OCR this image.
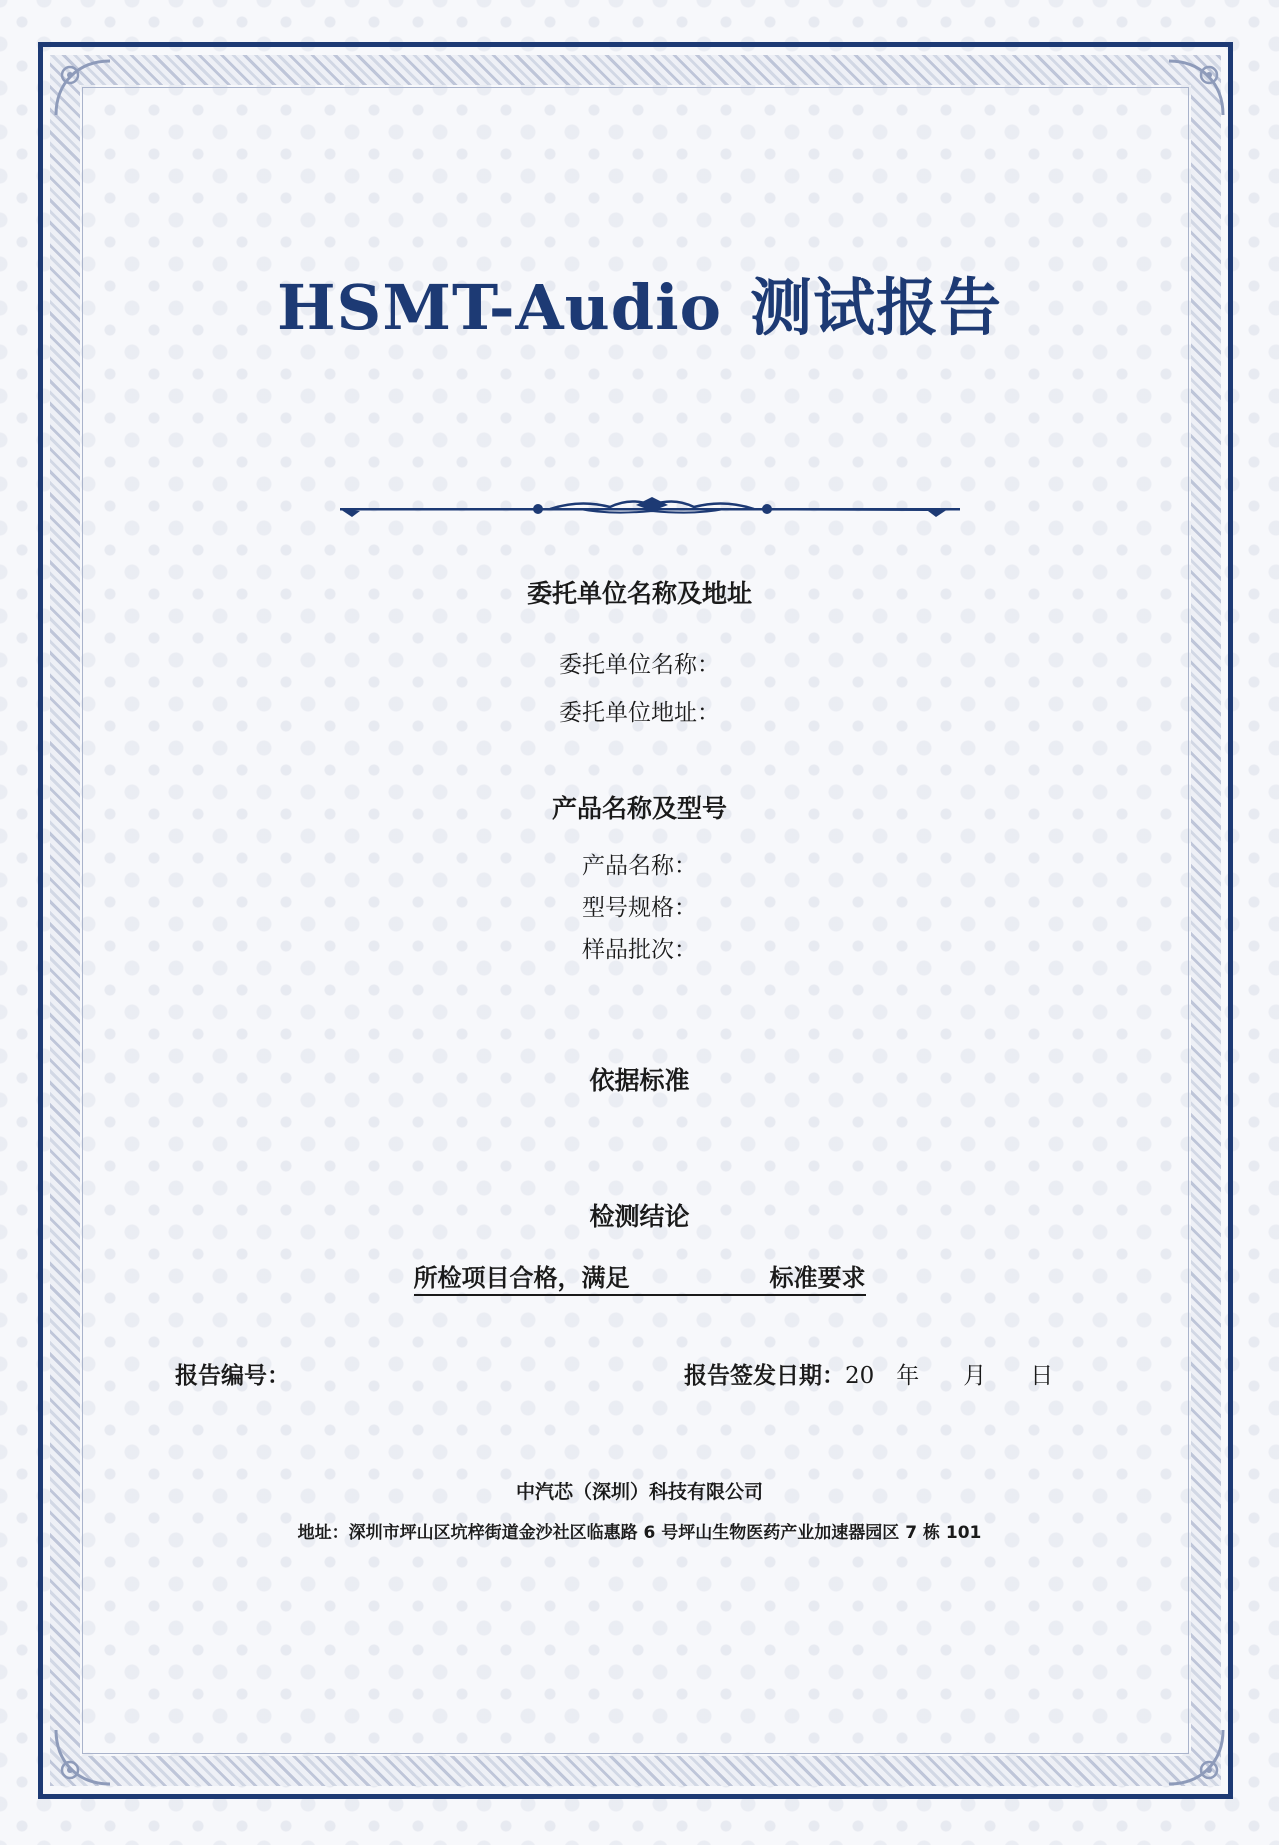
HSMT-Audio 测试报告
委托单位名称及地址
委托单位名称：
委托单位地址：
产品名称及型号
产品名称：
型号规格：
样品批次：
依据标准
检测结论
所检项目合格，满足	标准要求
报告编号：	报告签发日期：20 年 月 日
中汽芯（深圳）科技有限公司
地址：深圳市坪山区坑梓街道金沙社区临惠路 6 号坪山生物医药产业加速器园区 7 栋 101
